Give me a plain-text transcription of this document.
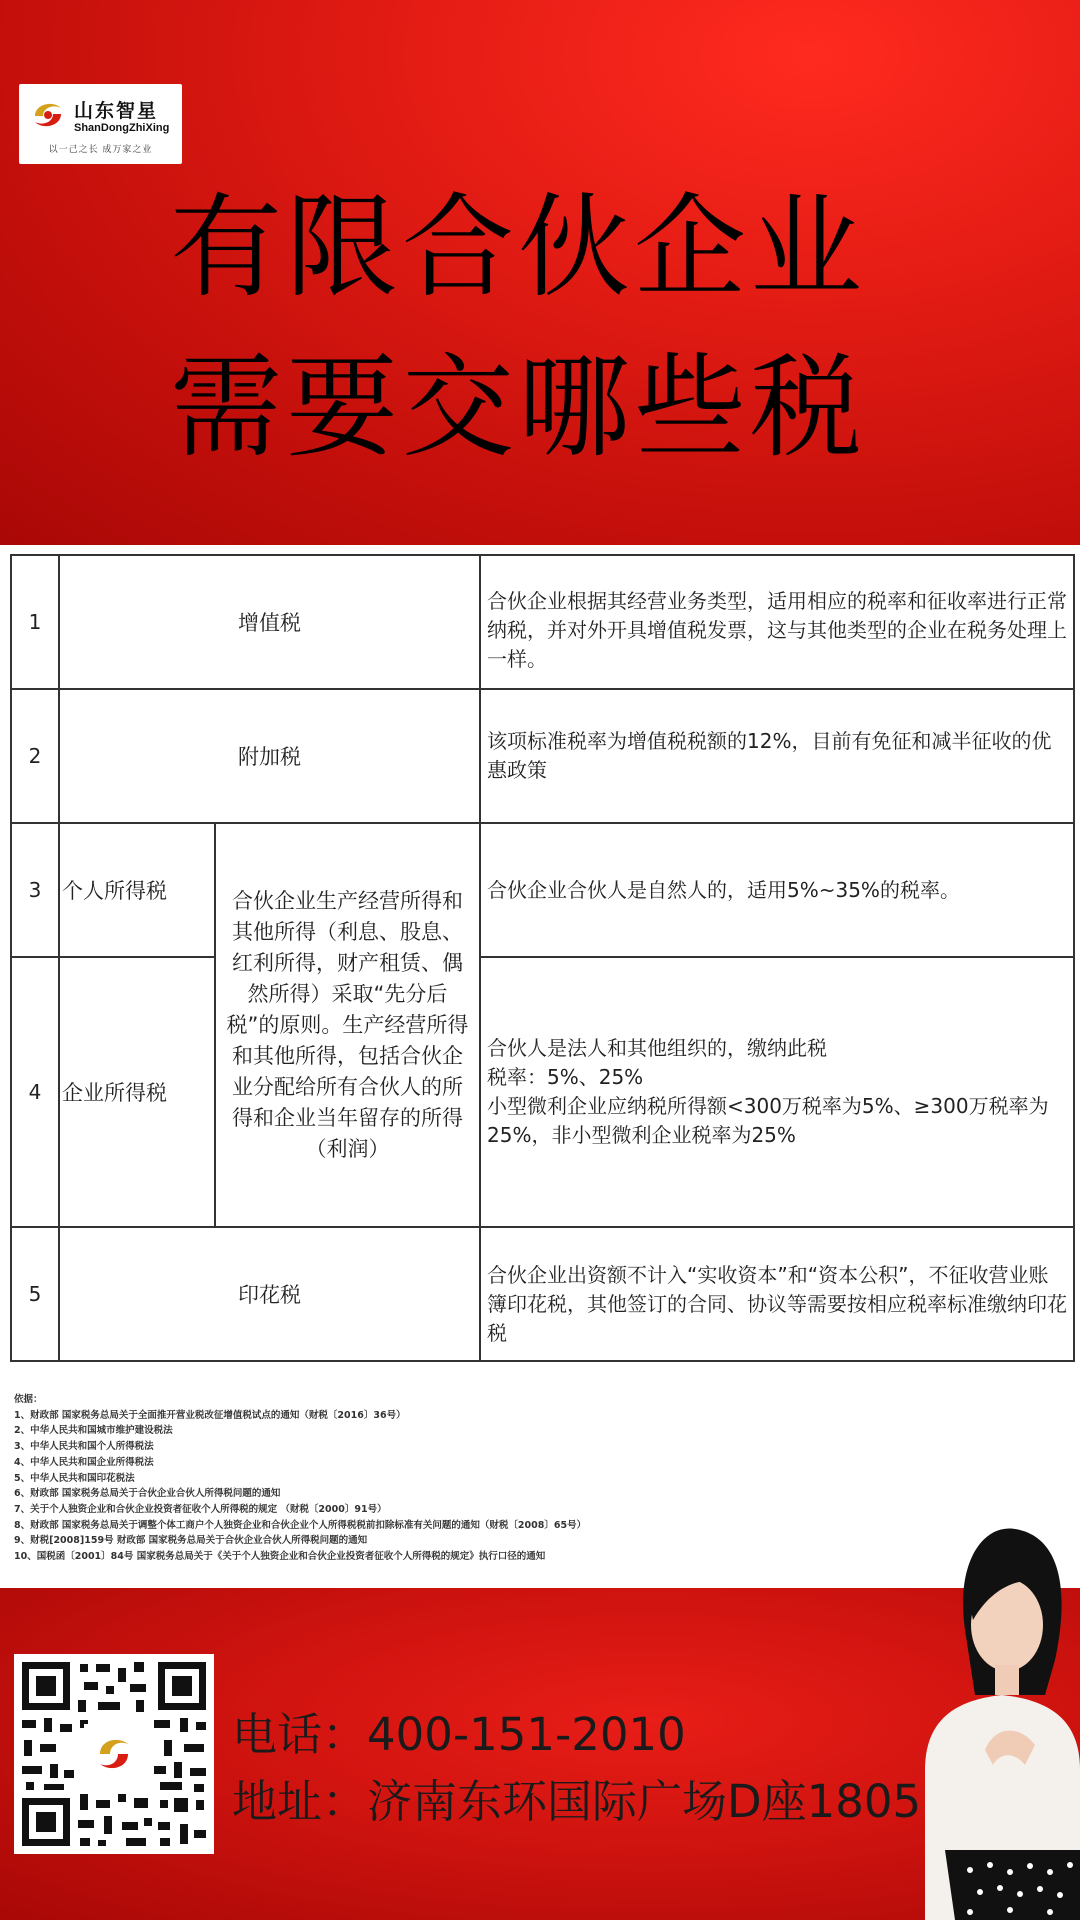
山东智星
ShanDongZhiXing
以一己之长 成万家之业
有限合伙企业
需要交哪些税
1	增值税		合伙企业根据其经营业务类型，适用相应的税率和征收率进行正常纳税，并对外开具增值税发票，这与其他类型的企业在税务处理上一样。
2	附加税		该项标准税率为增值税税额的12%，目前有免征和减半征收的优惠政策
3	个人所得税	合伙企业生产经营所得和其他所得（利息、股息、红利所得，财产租赁、偶然所得）采取“先分后税”的原则。生产经营所得和其他所得，包括合伙企业分配给所有合伙人的所得和企业当年留存的所得（利润）	合伙企业合伙人是自然人的，适用5%~35%的税率。
4	企业所得税		合伙人是法人和其他组织的，缴纳此税
税率：5%、25%
小型微利企业应纳税所得额<300万税率为5%、≥300万税率为25%，非小型微利企业税率为25%

5	印花税		合伙企业出资额不计入“实收资本”和“资本公积”，不征收营业账簿印花税，其他签订的合同、协议等需要按相应税率标准缴纳印花税
依据：
1、财政部 国家税务总局关于全面推开营业税改征增值税试点的通知（财税〔2016〕36号）
2、中华人民共和国城市维护建设税法
3、中华人民共和国个人所得税法
4、中华人民共和国企业所得税法
5、中华人民共和国印花税法
6、财政部 国家税务总局关于合伙企业合伙人所得税问题的通知
7、关于个人独资企业和合伙企业投资者征收个人所得税的规定 （财税〔2000〕91号）
8、财政部 国家税务总局关于调整个体工商户个人独资企业和合伙企业个人所得税税前扣除标准有关问题的通知（财税〔2008〕65号）
9、财税[2008]159号 财政部 国家税务总局关于合伙企业合伙人所得税问题的通知
10、国税函〔2001〕84号 国家税务总局关于《关于个人独资企业和合伙企业投资者征收个人所得税的规定》执行口径的通知
电话：400-151-2010
地址：济南东环国际广场D座1805
